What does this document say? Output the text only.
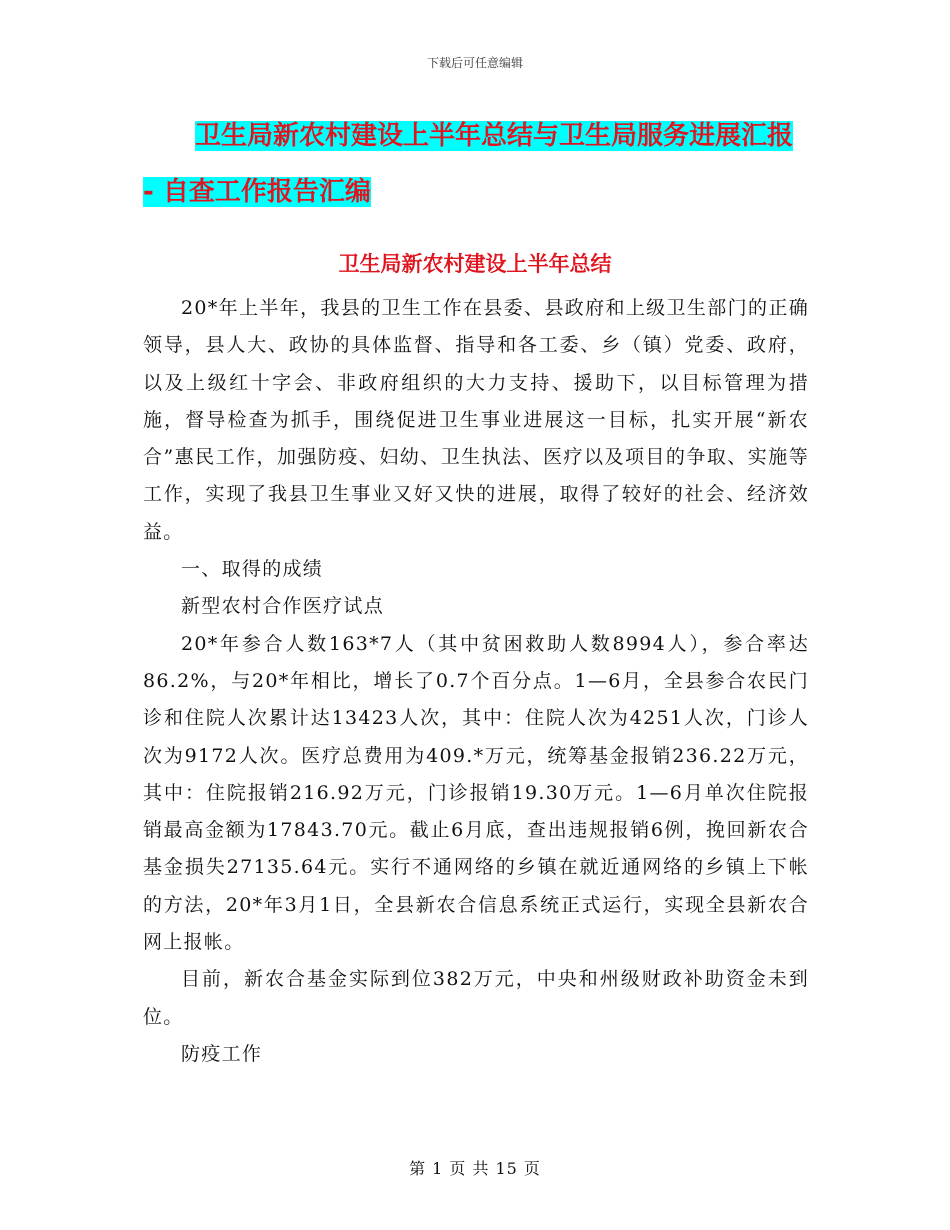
下载后可任意编辑
卫生局新农村建设上半年总结与卫生局服务进展汇报
- 自查工作报告汇编
卫生局新农村建设上半年总结

20*年上半年，我县的卫生工作在县委、县政府和上级卫生部门的正确领导，县人大、政协的具体监督、指导和各工委、乡（镇）党委、政府，以及上级红十字会、非政府组织的大力支持、援助下，以目标管理为措施，督导检查为抓手，围绕促进卫生事业进展这一目标，扎实开展“新农合”惠民工作，加强防疫、妇幼、卫生执法、医疗以及项目的争取、实施等工作，实现了我县卫生事业又好又快的进展，取得了较好的社会、经济效益。

一、取得的成绩

新型农村合作医疗试点

20*年参合人数163*7人（其中贫困救助人数8994人），参合率达86.2%，与20*年相比，增长了0.7个百分点。1—6月，全县参合农民门诊和住院人次累计达13423人次，其中：住院人次为4251人次，门诊人次为9172人次。医疗总费用为409.*万元，统筹基金报销236.22万元，其中：住院报销216.92万元，门诊报销19.30万元。1—6月单次住院报销最高金额为17843.70元。截止6月底，查出违规报销6例，挽回新农合基金损失27135.64元。实行不通网络的乡镇在就近通网络的乡镇上下帐的方法，20*年3月1日，全县新农合信息系统正式运行，实现全县新农合网上报帐。

目前，新农合基金实际到位382万元，中央和州级财政补助资金未到位。

防疫工作

第 1 页 共 15 页
